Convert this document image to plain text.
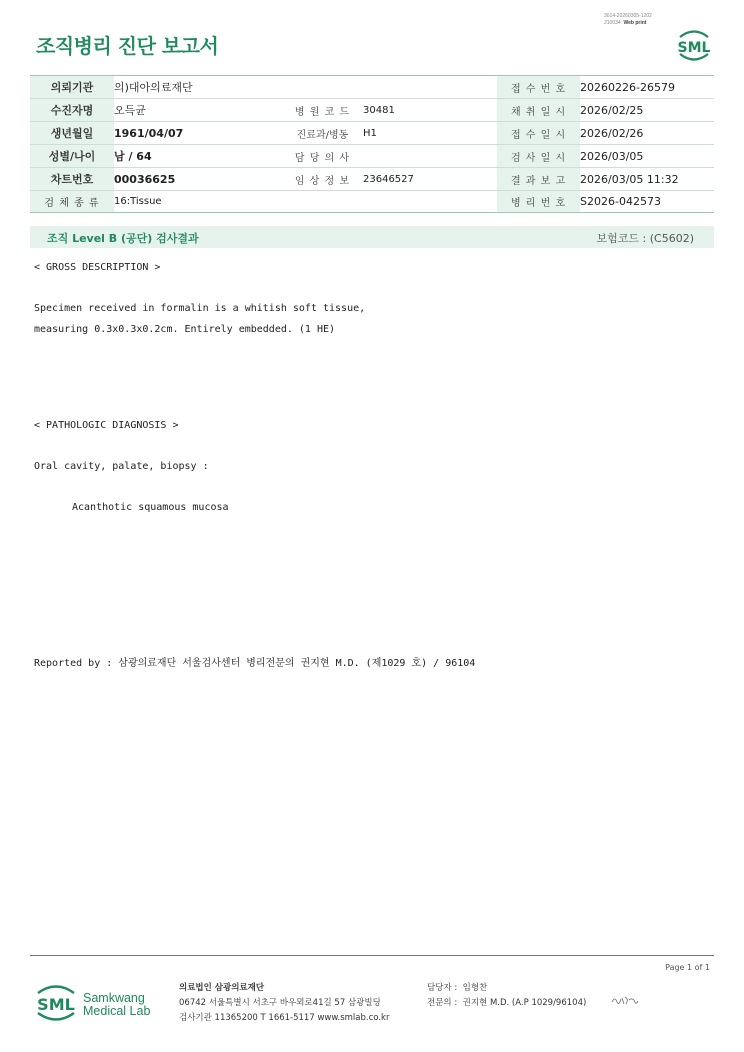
3014-20260305-1202
210034 Web print
조직병리 진단 보고서	SML
의뢰기관	의)대아의료재단			접 수 번 호	20260226-26579
수진자명	오득균	병 원 코 드	30481	채 취 일 시	2026/02/25
생년월일	1961/04/07	진료과/병동	H1	접 수 일 시	2026/02/26
성별/나이	남 / 64	담 당 의 사		검 사 일 시	2026/03/05
차트번호	00036625	임 상 정 보	23646527	결 과 보 고	2026/03/05 11:32
검 체 종 류	16:Tissue			병 리 번 호	S2026-042573
조직 Level B (공단) 검사결과	보험코드 : (C5602)
< GROSS DESCRIPTION >
Specimen received in formalin is a whitish soft tissue,
measuring 0.3x0.3x0.2cm. Entirely embedded. (1 HE)
< PATHOLOGIC DIAGNOSIS >
Oral cavity, palate, biopsy :
Acanthotic squamous mucosa
Reported by : 삼광의료재단 서울검사센터 병리전문의 권지현 M.D. (제1029 호) / 96104
Page 1 of 1
SML Samkwang
Medical Lab
의료법인 삼광의료재단
06742 서울특별시 서초구 바우뫼로41길 57 삼광빌딩
검사기관 11365200 T 1661-5117 www.smlab.co.kr
담당자 : 임형찬
전문의 : 권지현 M.D. (A.P 1029/96104)
